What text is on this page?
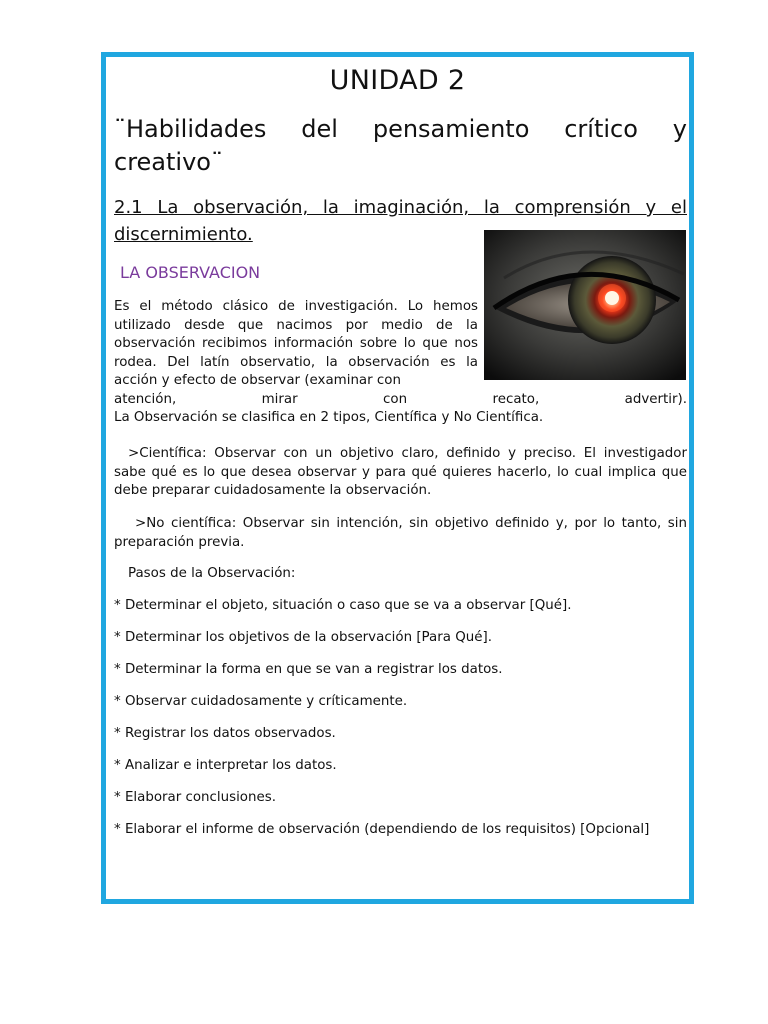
UNIDAD 2
¨Habilidades del pensamiento crítico y creativo¨
2.1 La observación, la imaginación, la comprensión y el discernimiento.
LA OBSERVACION
Es el método clásico de investigación. Lo hemos utilizado desde que nacimos por medio de la observación recibimos información sobre lo que nos rodea. Del latín observatio, la observación es la acción y efecto de observar (examinar con
atención, mirar con recato, advertir).
La Observación se clasifica en 2 tipos, Científica y No Científica.
>Científica: Observar con un objetivo claro, definido y preciso. El investigador sabe qué es lo que desea observar y para qué quieres hacerlo, lo cual implica que debe preparar cuidadosamente la observación.
>No científica: Observar sin intención, sin objetivo definido y, por lo tanto, sin preparación previa.
Pasos de la Observación:
* Determinar el objeto, situación o caso que se va a observar [Qué].
* Determinar los objetivos de la observación [Para Qué].
* Determinar la forma en que se van a registrar los datos.
* Observar cuidadosamente y críticamente.
* Registrar los datos observados.
* Analizar e interpretar los datos.
* Elaborar conclusiones.
* Elaborar el informe de observación (dependiendo de los requisitos) [Opcional]
